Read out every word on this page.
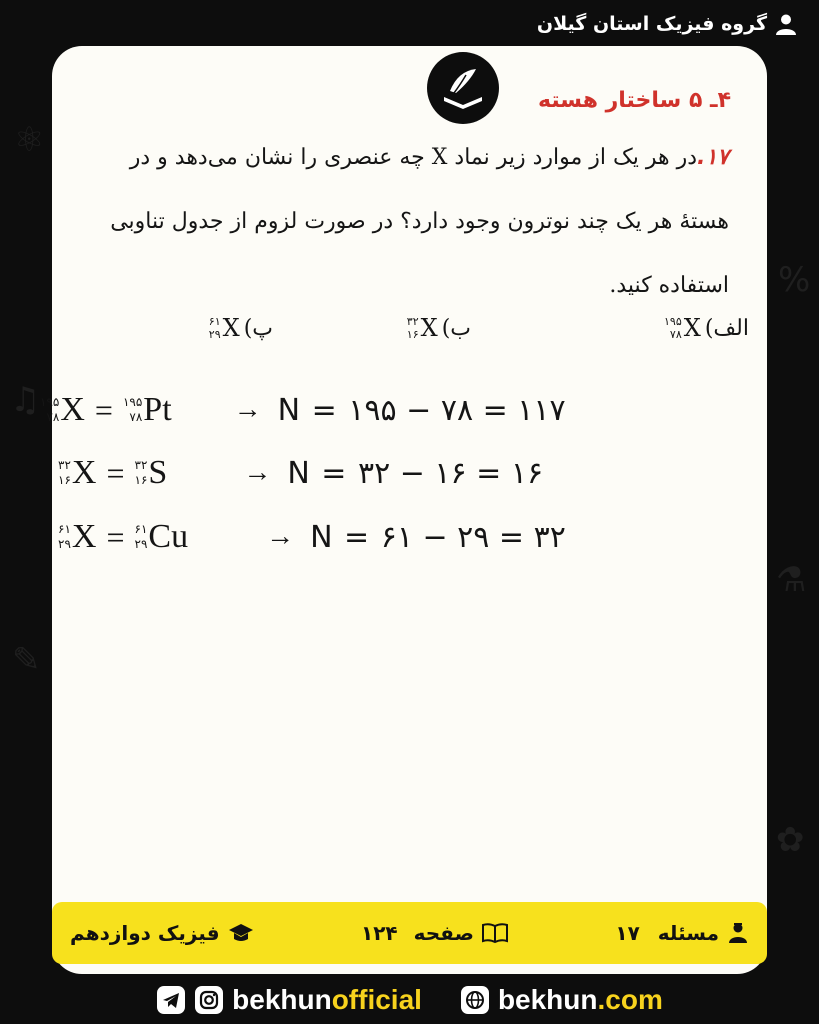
⚛
♫
✎
%
⚗
✿
گروه فیزیک استان گیلان
۴ـ ۵ ساختار هسته
۱۷.در هر یک از موارد زیر نماد X چه عنصری را نشان می‌دهد و در هستهٔ هر یک چند نوترون وجود دارد؟ در صورت لزوم از جدول تناوبی استفاده کنید.
الف)
۱۹۵
۷۸ X
ب)
۳۲
۱۶ X
پ)
۶۱
۲۹ X
۱۹۵
۷۸ X = ۱۹۵
۷۸ Pt → N = ۱۹۵ − ۷۸ = ۱۱۷
۳۲
۱۶ X = ۳۲
۱۶ S	→ N = ۳۲ − ۱۶ = ۱۶
۶۱
۲۹ X = ۶۱
۲۹ Cu	→ N = ۶۱ − ۲۹ = ۳۲
مسئله
۱۷
صفحه
۱۲۴
فیزیک دوازدهم
bekhunofficial	bekhun.com
